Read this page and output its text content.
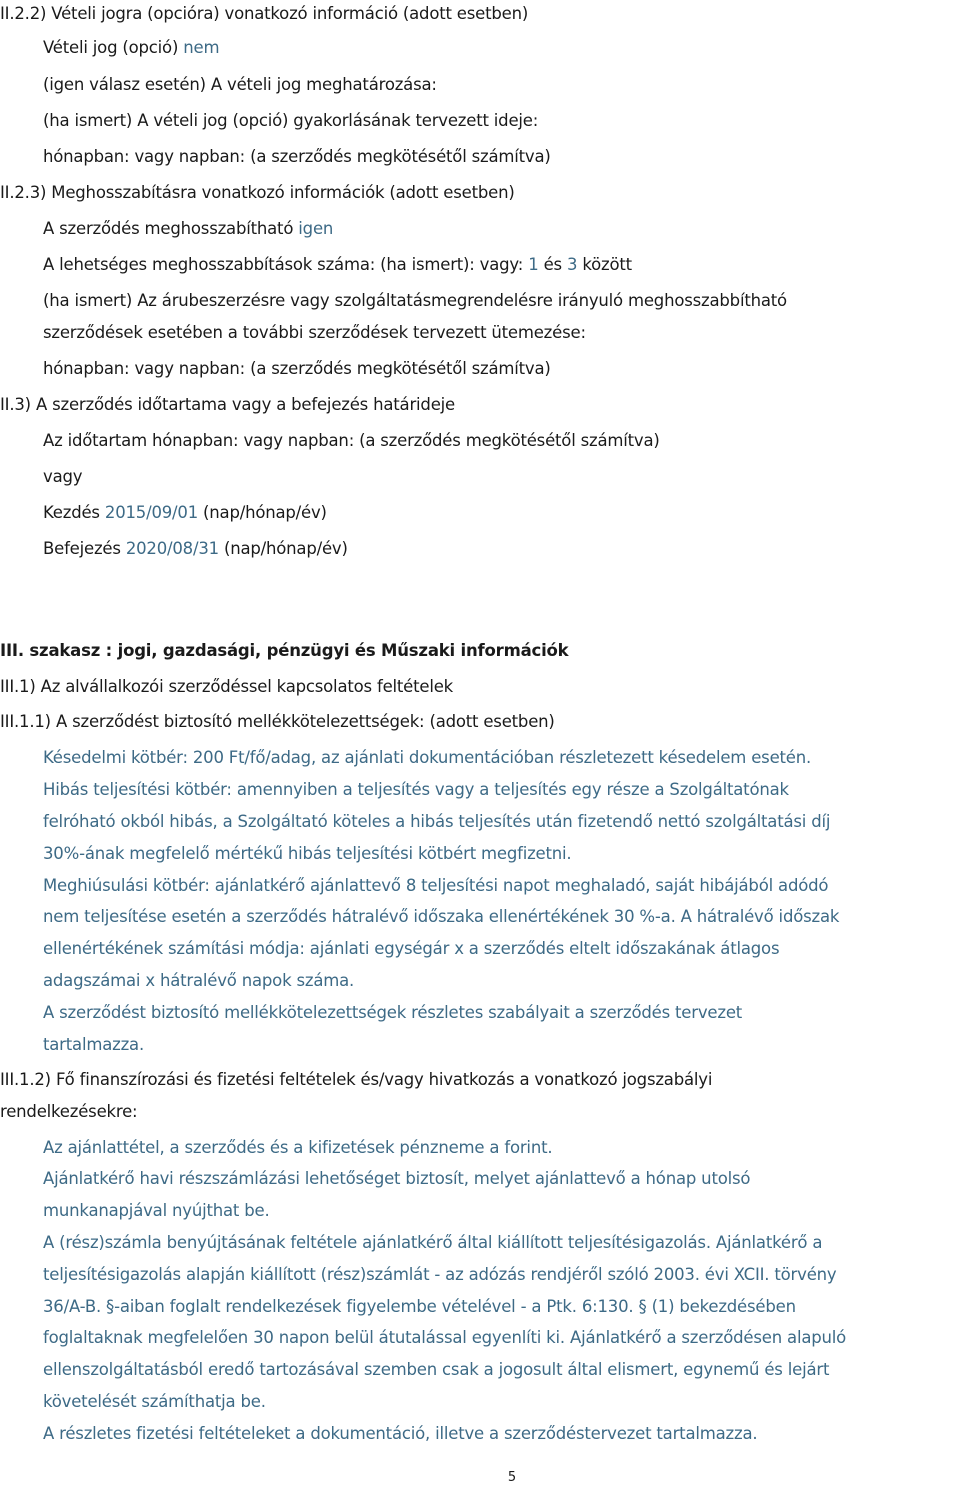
II.2.2) Vételi jogra (opcióra) vonatkozó információ (adott esetben)
Vételi jog (opció) nem
(igen válasz esetén) A vételi jog meghatározása:
(ha ismert) A vételi jog (opció) gyakorlásának tervezett ideje:
hónapban: vagy napban: (a szerződés megkötésétől számítva)
II.2.3) Meghosszabításra vonatkozó információk (adott esetben)
A szerződés meghosszabítható igen
A lehetséges meghosszabbítások száma: (ha ismert): vagy: 1 és 3 között
(ha ismert) Az árubeszerzésre vagy szolgáltatásmegrendelésre irányuló meghosszabbítható
szerződések esetében a további szerződések tervezett ütemezése:
hónapban: vagy napban: (a szerződés megkötésétől számítva)
II.3) A szerződés időtartama vagy a befejezés határideje
Az időtartam hónapban: vagy napban: (a szerződés megkötésétől számítva)
vagy
Kezdés 2015/09/01 (nap/hónap/év)
Befejezés 2020/08/31 (nap/hónap/év)
III. szakasz : jogi, gazdasági, pénzügyi és Műszaki információk
III.1) Az alvállalkozói szerződéssel kapcsolatos feltételek
III.1.1) A szerződést biztosító mellékkötelezettségek: (adott esetben)
Késedelmi kötbér: 200 Ft/fő/adag, az ajánlati dokumentációban részletezett késedelem esetén.
Hibás teljesítési kötbér: amennyiben a teljesítés vagy a teljesítés egy része a Szolgáltatónak
felróható okból hibás, a Szolgáltató köteles a hibás teljesítés után fizetendő nettó szolgáltatási díj
30%-ának megfelelő mértékű hibás teljesítési kötbért megfizetni.
Meghiúsulási kötbér: ajánlatkérő ajánlattevő 8 teljesítési napot meghaladó, saját hibájából adódó
nem teljesítése esetén a szerződés hátralévő időszaka ellenértékének 30 %-a. A hátralévő időszak
ellenértékének számítási módja: ajánlati egységár x a szerződés eltelt időszakának átlagos
adagszámai x hátralévő napok száma.
A szerződést biztosító mellékkötelezettségek részletes szabályait a szerződés tervezet
tartalmazza.
III.1.2) Fő finanszírozási és fizetési feltételek és/vagy hivatkozás a vonatkozó jogszabályi
rendelkezésekre:
Az ajánlattétel, a szerződés és a kifizetések pénzneme a forint.
Ajánlatkérő havi részszámlázási lehetőséget biztosít, melyet ajánlattevő a hónap utolsó
munkanapjával nyújthat be.
A (rész)számla benyújtásának feltétele ajánlatkérő által kiállított teljesítésigazolás. Ajánlatkérő a
teljesítésigazolás alapján kiállított (rész)számlát - az adózás rendjéről szóló 2003. évi XCII. törvény
36/A-B. §-aiban foglalt rendelkezések figyelembe vételével - a Ptk. 6:130. § (1) bekezdésében
foglaltaknak megfelelően 30 napon belül átutalással egyenlíti ki. Ajánlatkérő a szerződésen alapuló
ellenszolgáltatásból eredő tartozásával szemben csak a jogosult által elismert, egynemű és lejárt
követelését számíthatja be.
A részletes fizetési feltételeket a dokumentáció, illetve a szerződéstervezet tartalmazza.
5
